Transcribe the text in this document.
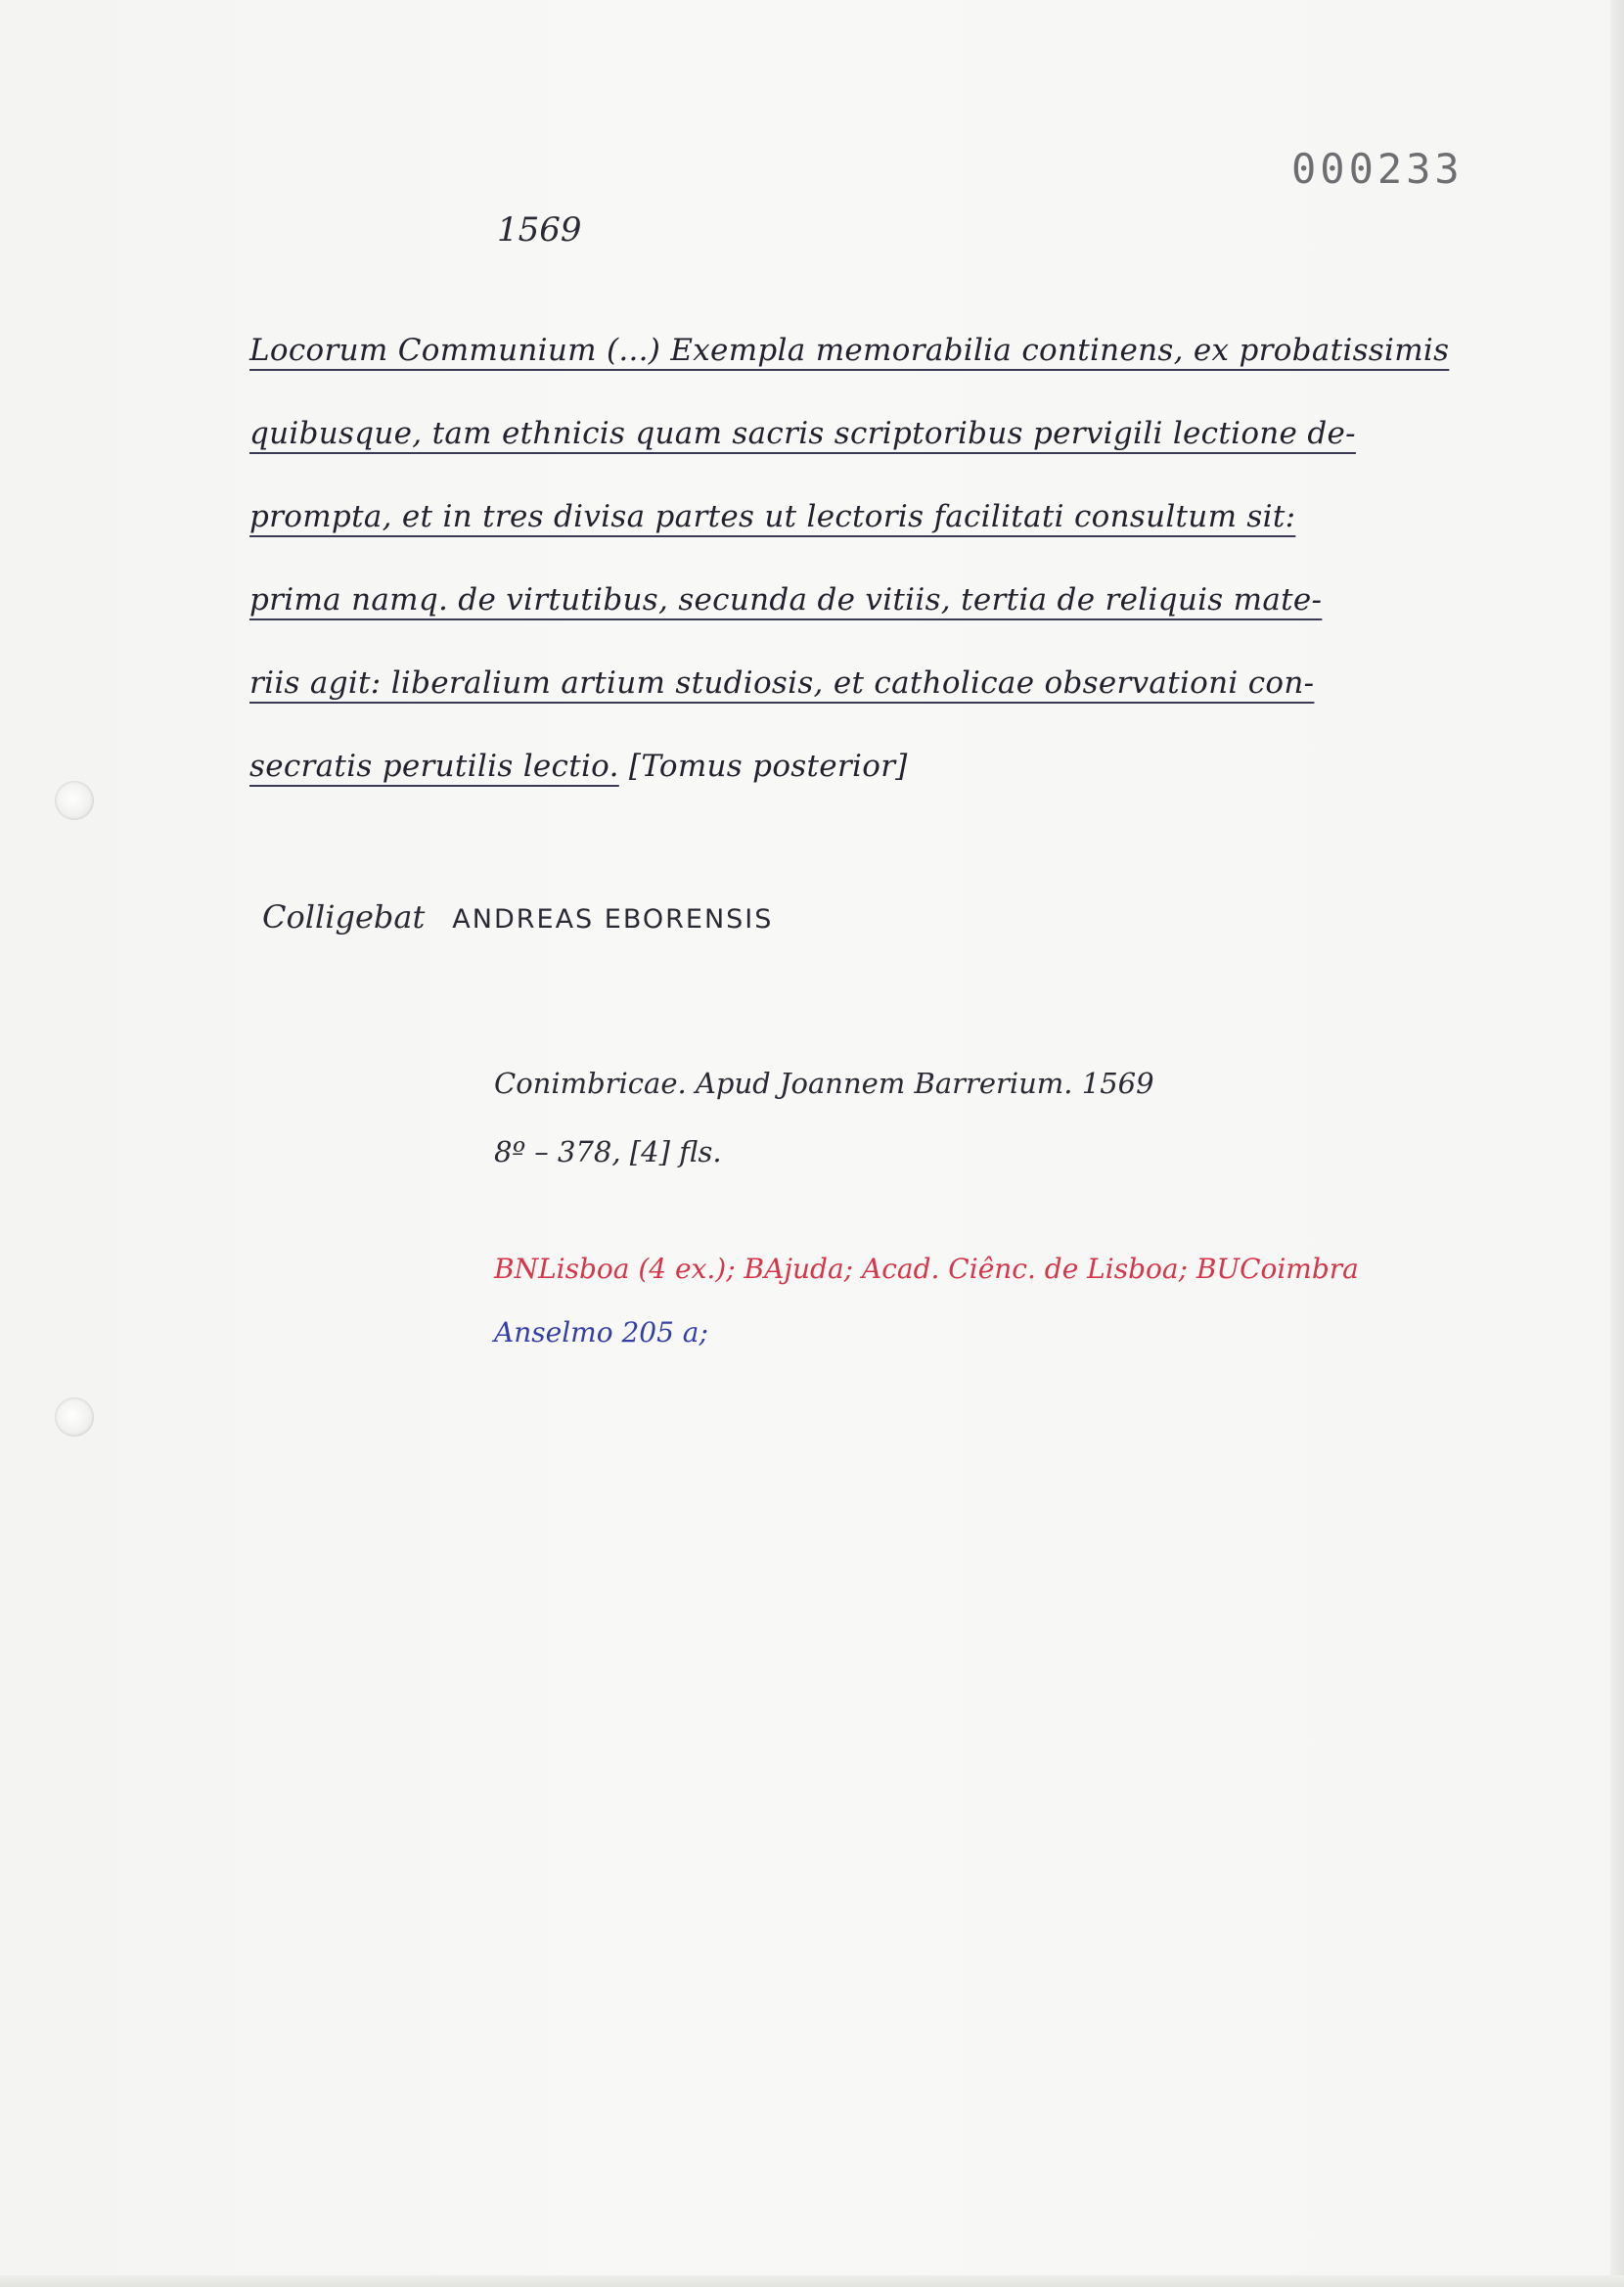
000233
1569
Locorum Communium (...) Exempla memorabilia continens, ex probatissimis
quibusque, tam ethnicis quam sacris scriptoribus pervigili lectione de-
prompta, et in tres divisa partes ut lectoris facilitati consultum sit:
prima namq. de virtutibus, secunda de vitiis, tertia de reliquis mate-
riis agit: liberalium artium studiosis, et catholicae observationi con-
secratis perutilis lectio. [Tomus posterior]
Colligebat ANDREAS EBORENSIS
Conimbricae. Apud Joannem Barrerium. 1569
8º – 378, [4] fls.
BNLisboa (4 ex.); BAjuda; Acad. Ciênc. de Lisboa; BUCoimbra
Anselmo 205 a;
